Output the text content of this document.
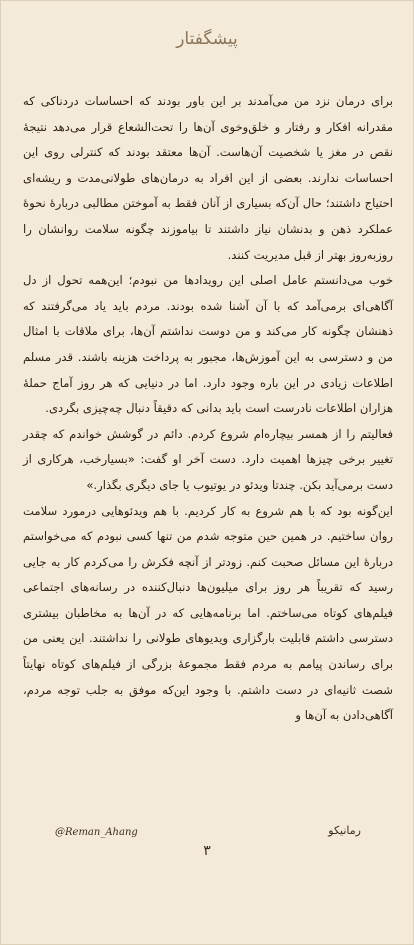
پیشگفتار

برای درمان نزد من می‌آمدند بر این باور بودند که احساسات دردناکی که مقدرانه افکار و رفتار و خلق‌وخوی آن‌ها را تحت‌الشعاع قرار می‌دهد نتیجهٔ نقص در مغز یا شخصیت آن‌هاست. آن‌ها معتقد بودند که کنترلی روی این احساسات ندارند. بعضی از این افراد به درمان‌های طولانی‌مدت و ریشه‌ای احتیاج داشتند؛ حال آن‌که بسیاری از آنان فقط به آموختن مطالبی دربارهٔ نحوهٔ عملکرد ذهن و بدنشان نیاز داشتند تا بیاموزند چگونه سلامت روانشان را روزبه‌روز بهتر از قبل مدیریت کنند.

خوب می‌دانستم عامل اصلی این رویدادها من نبودم؛ این‌همه تحول از دل آگاهی‌ای برمی‌آمد که با آن آشنا شده بودند. مردم باید یاد می‌گرفتند که ذهنشان چگونه کار می‌کند و من دوست نداشتم آن‌ها، برای ملاقات با امثال من و دسترسی به این آموزش‌ها، مجبور به پرداخت هزینه باشند. قدر مسلم اطلاعات زیادی در این باره وجود دارد. اما در دنیایی که هر روز آماج حملهٔ هزاران اطلاعات نادرست است باید بدانی که دقیقاً دنبال چه‌چیزی بگردی.

فعالیتم را از همسر بیچاره‌ام شروع کردم. دائم در گوشش خواندم که چقدر تغییر برخی چیزها اهمیت دارد. دست آخر او گفت: «بسیارخب، هرکاری از دست برمی‌آید بکن. چندتا ویدئو در یوتیوب یا جای دیگری بگذار.»

این‌گونه بود که با هم شروع به کار کردیم. با هم ویدئوهایی درمورد سلامت روان ساختیم. در همین حین متوجه شدم من تنها کسی نبودم که می‌خواستم دربارهٔ این مسائل صحبت کنم. زودتر از آنچه فکرش را می‌کردم کار به جایی رسید که تقریباً هر روز برای میلیون‌ها دنبال‌کننده در رسانه‌های اجتماعی فیلم‌های کوتاه می‌ساختم. اما برنامه‌هایی که در آن‌ها به مخاطبان بیشتری دسترسی داشتم قابلیت بارگزاری ویدیوهای طولانی را نداشتند. این یعنی من برای رساندن پیامم به مردم فقط مجموعهٔ بزرگی از فیلم‌های کوتاه نهایتاً شصت ثانیه‌ای در دست داشتم. با وجود این‌که موفق به جلب توجه مردم، آگاهی‌دادن به آن‌ها و

@Reman_Ahang	رمانیکو
۳
